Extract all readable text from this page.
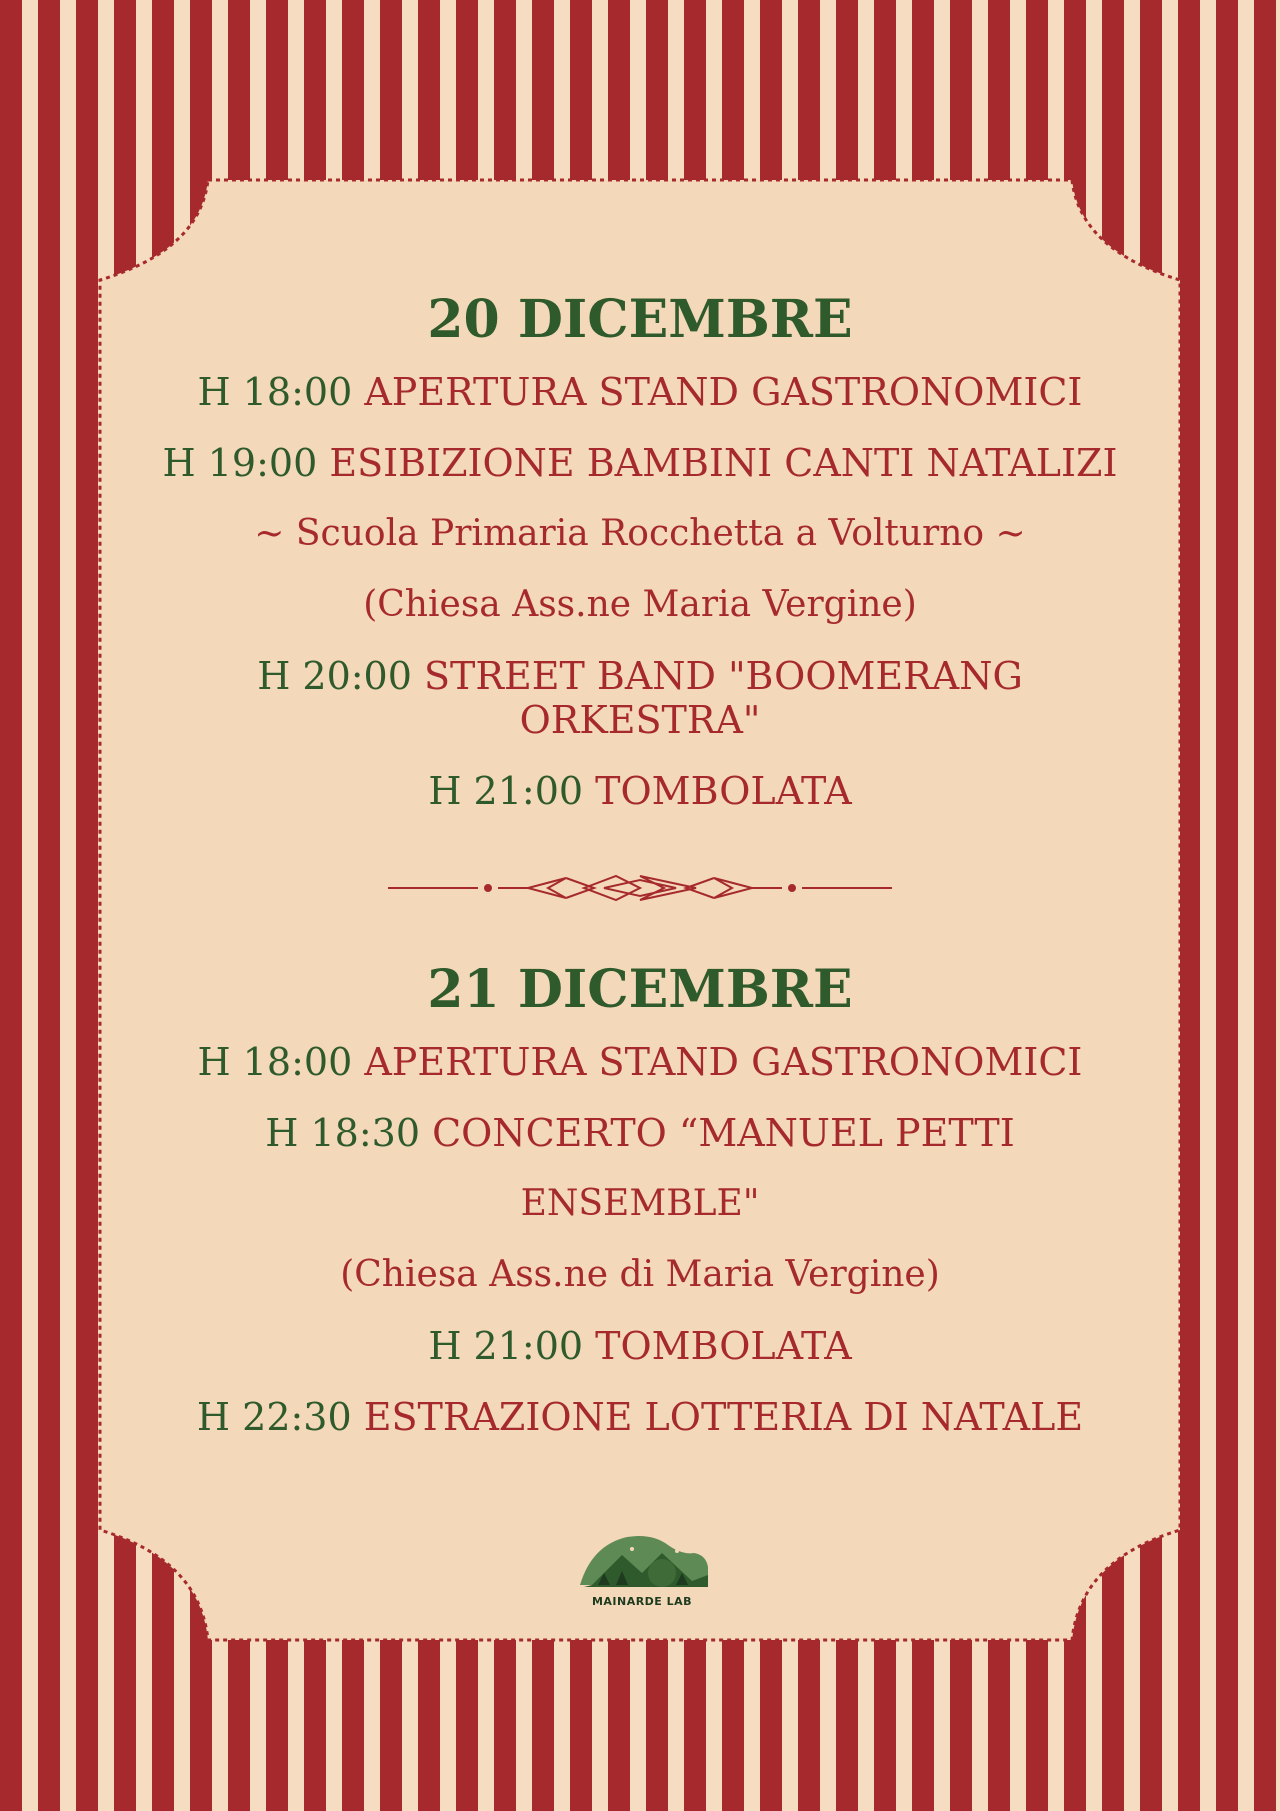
20 DICEMBRE
H 18:00 APERTURA STAND GASTRONOMICI
H 19:00 ESIBIZIONE BAMBINI CANTI NATALIZI
~ Scuola Primaria Rocchetta a Volturno ~
(Chiesa Ass.ne Maria Vergine)
H 20:00 STREET BAND "BOOMERANG ORKESTRA"
H 21:00 TOMBOLATA
21 DICEMBRE
H 18:00 APERTURA STAND GASTRONOMICI
H 18:30 CONCERTO “MANUEL PETTI
ENSEMBLE"
(Chiesa Ass.ne di Maria Vergine)
H 21:00 TOMBOLATA
H 22:30 ESTRAZIONE LOTTERIA DI NATALE
MAINARDE LAB
